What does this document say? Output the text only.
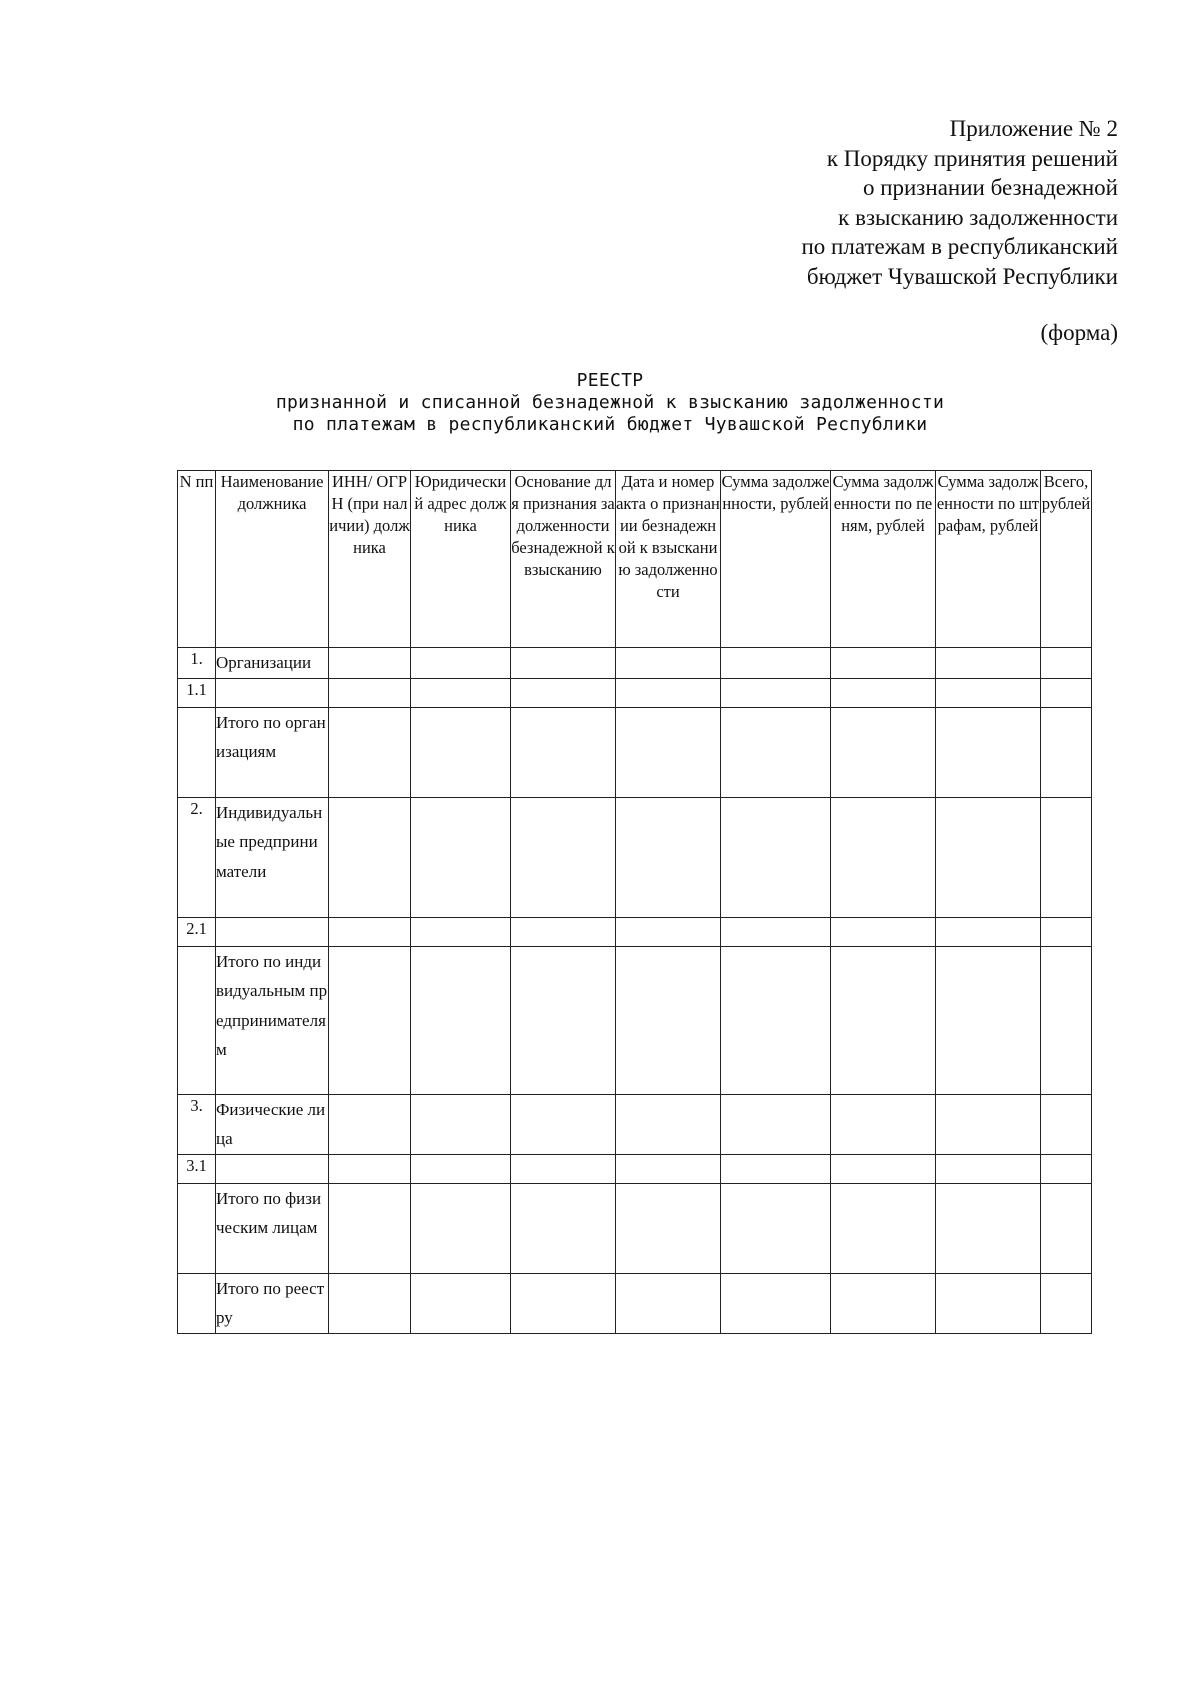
Приложение № 2
к Порядку принятия решений
о признании безнадежной
к взысканию задолженности
по платежам в республиканский
бюджет Чувашской Республики
(форма)
РЕЕСТР
признанной и списанной безнадежной к взысканию задолженности
по платежам в республиканский бюджет Чувашской Республики
N пп	Наименование должника	ИНН/ ОГРН (при наличии) должника	Юридический адрес должника	Основание для признания задолженности безнадежной к взысканию	Дата и номер акта о признании безнадежной к взысканию задолженности	Сумма задолженности, рублей	Сумма задолженности по пеням, рублей	Сумма задолженности по штрафам, рублей	Всего, рублей
1.	Организации								
1.1									
	Итого по организациям								
2.	Индивидуальные предприниматели								
2.1									
	Итого по индивидуальным предпринимателям								
3.	Физические лица								
3.1									
	Итого по физическим лицам								
	Итого по реестру								
